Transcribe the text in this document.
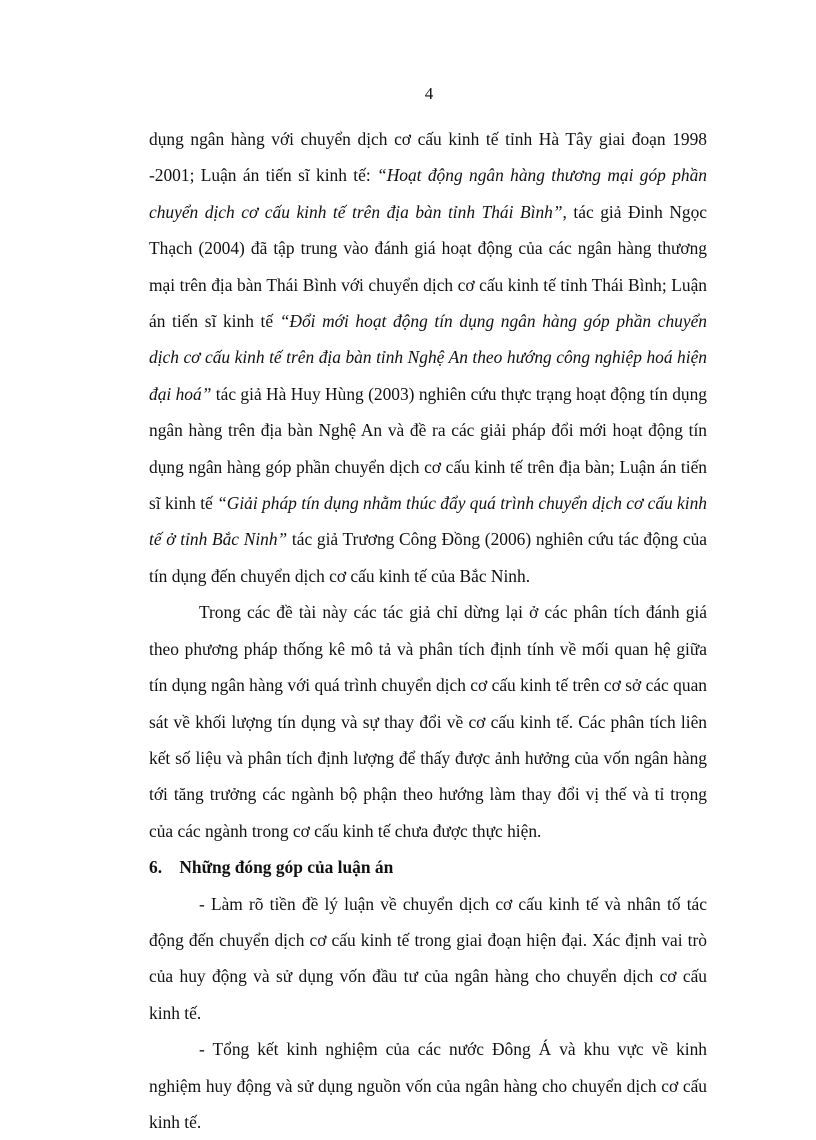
4

dụng ngân hàng với chuyển dịch cơ cấu kinh tế tỉnh Hà Tây giai đoạn 1998 -2001; Luận án tiến sĩ kinh tế: “Hoạt động ngân hàng thương mại góp phần chuyển dịch cơ cấu kinh tế trên địa bàn tỉnh Thái Bình”, tác giả Đinh Ngọc Thạch (2004) đã tập trung vào đánh giá hoạt động của các ngân hàng thương mại trên địa bàn Thái Bình với chuyển dịch cơ cấu kinh tế tỉnh Thái Bình; Luận án tiến sĩ kinh tế “Đổi mới hoạt động tín dụng ngân hàng góp phần chuyển dịch cơ cấu kinh tế trên địa bàn tỉnh Nghệ An theo hướng công nghiệp hoá hiện đại hoá” tác giả Hà Huy Hùng (2003) nghiên cứu thực trạng hoạt động tín dụng ngân hàng trên địa bàn Nghệ An và đề ra các giải pháp đổi mới hoạt động tín dụng ngân hàng góp phần chuyển dịch cơ cấu kinh tế trên địa bàn; Luận án tiến sĩ kinh tế “Giải pháp tín dụng nhằm thúc đẩy quá trình chuyển dịch cơ cấu kinh tế ở tỉnh Bắc Ninh” tác giả Trương Công Đồng (2006) nghiên cứu tác động của tín dụng đến chuyển dịch cơ cấu kinh tế của Bắc Ninh.

Trong các đề tài này các tác giả chỉ dừng lại ở các phân tích đánh giá theo phương pháp thống kê mô tả và phân tích định tính về mối quan hệ giữa tín dụng ngân hàng với quá trình chuyển dịch cơ cấu kinh tế trên cơ sở các quan sát về khối lượng tín dụng và sự thay đổi về cơ cấu kinh tế. Các phân tích liên kết số liệu và phân tích định lượng để thấy được ảnh hưởng của vốn ngân hàng tới tăng trưởng các ngành bộ phận theo hướng làm thay đổi vị thế và tỉ trọng của các ngành trong cơ cấu kinh tế chưa được thực hiện.

6. Những đóng góp của luận án

- Làm rõ tiền đề lý luận về chuyển dịch cơ cấu kinh tế và nhân tố tác động đến chuyển dịch cơ cấu kinh tế trong giai đoạn hiện đại. Xác định vai trò của huy động và sử dụng vốn đầu tư của ngân hàng cho chuyển dịch cơ cấu kinh tế.

- Tổng kết kinh nghiệm của các nước Đông Á và khu vực về kinh nghiệm huy động và sử dụng nguồn vốn của ngân hàng cho chuyển dịch cơ cấu kinh tế.
